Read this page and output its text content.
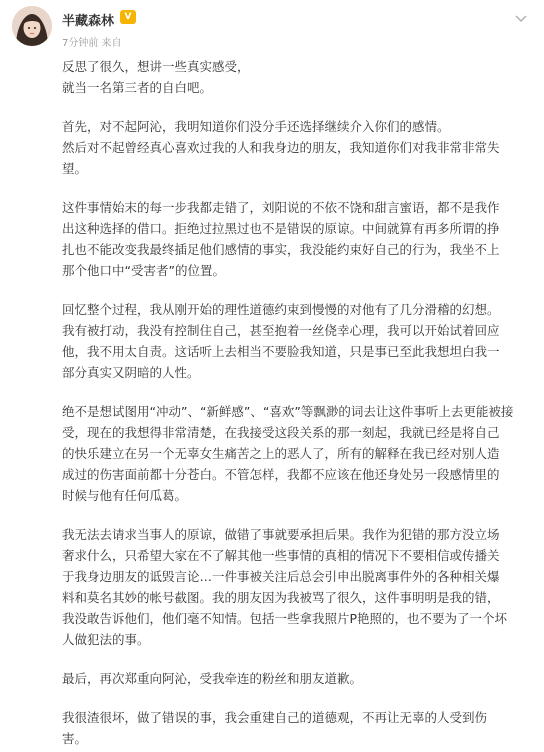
半藏森林	V
7分钟前 来自

反思了很久，想讲一些真实感受，
就当一名第三者的自白吧。

首先，对不起阿沁，我明知道你们没分手还选择继续介入你们的感情。
然后对不起曾经真心喜欢过我的人和我身边的朋友，我知道你们对我非常非常失
望。

这件事情始末的每一步我都走错了，刘阳说的不依不饶和甜言蜜语，都不是我作
出这种选择的借口。拒绝过拉黑过也不是错误的原谅。中间就算有再多所谓的挣
扎也不能改变我最终插足他们感情的事实，我没能约束好自己的行为，我坐不上
那个他口中“受害者”的位置。

回忆整个过程，我从刚开始的理性道德约束到慢慢的对他有了几分滑稽的幻想。
我有被打动，我没有控制住自己，甚至抱着一丝侥幸心理，我可以开始试着回应
他，我不用太自责。这话听上去相当不要脸我知道，只是事已至此我想坦白我一
部分真实又阴暗的人性。

绝不是想试图用“冲动”、“新鲜感”、“喜欢”等飘渺的词去让这件事听上去更能被接
受，现在的我想得非常清楚，在我接受这段关系的那一刻起，我就已经是将自己
的快乐建立在另一个无辜女生痛苦之上的恶人了，所有的解释在我已经对别人造
成过的伤害面前都十分苍白。不管怎样，我都不应该在他还身处另一段感情里的
时候与他有任何瓜葛。

我无法去请求当事人的原谅，做错了事就要承担后果。我作为犯错的那方没立场
奢求什么，只希望大家在不了解其他一些事情的真相的情况下不要相信或传播关
于我身边朋友的诋毁言论…一件事被关注后总会引申出脱离事件外的各种相关爆
料和莫名其妙的帐号截图。我的朋友因为我被骂了很久，这件事明明是我的错，
我没敢告诉他们，他们毫不知情。包括一些拿我照片P艳照的，也不要为了一个坏
人做犯法的事。

最后，再次郑重向阿沁，受我牵连的粉丝和朋友道歉。

我很渣很坏，做了错误的事，我会重建自己的道德观，不再让无辜的人受到伤
害。
